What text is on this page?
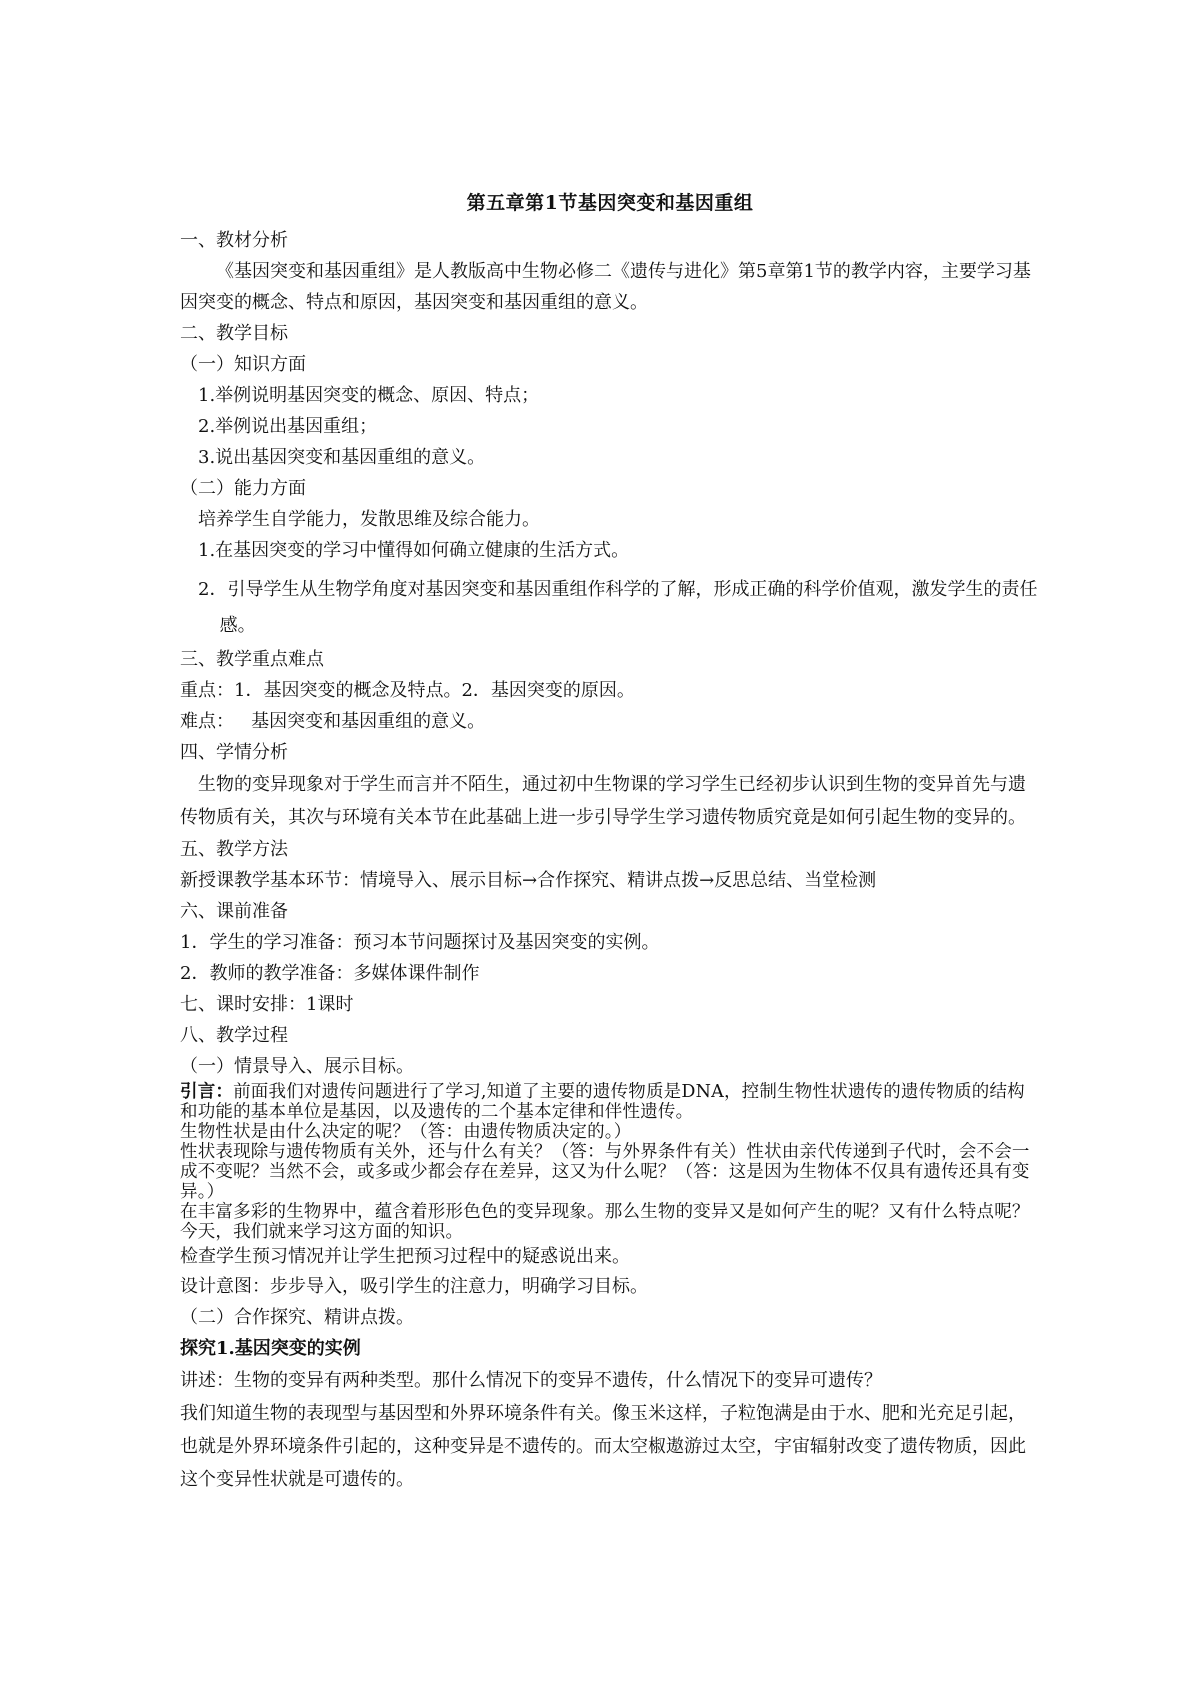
第五章第1节基因突变和基因重组

一、教材分析

《基因突变和基因重组》是人教版高中生物必修二《遗传与进化》第5章第1节的教学内容，主要学习基因突变的概念、特点和原因，基因突变和基因重组的意义。

二、教学目标

（一）知识方面

1.举例说明基因突变的概念、原因、特点；

2.举例说出基因重组；

3.说出基因突变和基因重组的意义。

（二）能力方面

培养学生自学能力，发散思维及综合能力。

1.在基因突变的学习中懂得如何确立健康的生活方式。

2．引导学生从生物学角度对基因突变和基因重组作科学的了解，形成正确的科学价值观，激发学生的责任感。

三、教学重点难点

重点：1．基因突变的概念及特点。2．基因突变的原因。

难点：   基因突变和基因重组的意义。

四、学情分析

生物的变异现象对于学生而言并不陌生，通过初中生物课的学习学生已经初步认识到生物的变异首先与遗传物质有关，其次与环境有关本节在此基础上进一步引导学生学习遗传物质究竟是如何引起生物的变异的。

五、教学方法

新授课教学基本环节：情境导入、展示目标→合作探究、精讲点拨→反思总结、当堂检测

六、课前准备

1．学生的学习准备：预习本节问题探讨及基因突变的实例。

2．教师的教学准备：多媒体课件制作

七、课时安排：1课时

八、教学过程

（一）情景导入、展示目标。

引言：前面我们对遗传问题进行了学习,知道了主要的遗传物质是DNA，控制生物性状遗传的遗传物质的结构和功能的基本单位是基因，以及遗传的二个基本定律和伴性遗传。

生物性状是由什么决定的呢？（答：由遗传物质决定的。）

性状表现除与遗传物质有关外，还与什么有关？（答：与外界条件有关）性状由亲代传递到子代时，会不会一成不变呢？当然不会，或多或少都会存在差异，这又为什么呢？（答：这是因为生物体不仅具有遗传还具有变异。）

在丰富多彩的生物界中，蕴含着形形色色的变异现象。那么生物的变异又是如何产生的呢？又有什么特点呢？今天，我们就来学习这方面的知识。

检查学生预习情况并让学生把预习过程中的疑惑说出来。

设计意图：步步导入，吸引学生的注意力，明确学习目标。

（二）合作探究、精讲点拨。

探究1.基因突变的实例

讲述：生物的变异有两种类型。那什么情况下的变异不遗传，什么情况下的变异可遗传？

我们知道生物的表现型与基因型和外界环境条件有关。像玉米这样，子粒饱满是由于水、肥和光充足引起，也就是外界环境条件引起的，这种变异是不遗传的。而太空椒遨游过太空，宇宙辐射改变了遗传物质，因此这个变异性状就是可遗传的。
